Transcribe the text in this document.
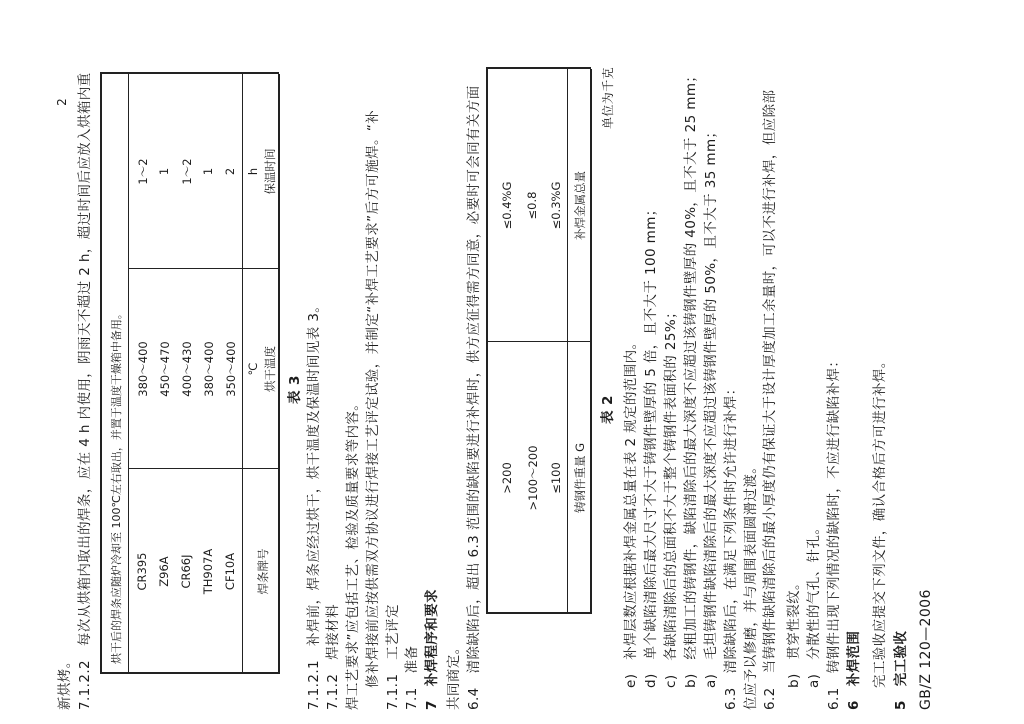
GB/Z 120—2006
5　完工验收
完工验收应提交下列文件，确认合格后方可进行补焊。
6　补焊范围
6.1　铸钢件出现下列情况的缺陷时，不应进行缺陷补焊：
a)　分散性的气孔、针孔。
b)　贯穿性裂纹。
6.2　当铸钢件缺陷清除后的最小厚度仍有保证大于设计厚度加工余量时，可以不进行补焊，但应除部
位应予以修磨，并与周围表面圆滑过渡。
6.3　清除缺陷后，在满足下列条件时允许进行补焊：
a)　毛坦铸钢件缺陷清除后的最大深度不应超过该铸钢件壁厚的 50%，且不大于 35 mm；
b)　经粗加工的铸钢件，缺陷清除后的最大深度不应超过该铸钢件壁厚的 40%，且不大于 25 mm；
c)　各缺陷清除后的总面积不大于整个铸钢件表面积的 25%；
d)　单个缺陷清除后最大尺寸不大于铸钢件壁厚的 5 倍，且不大于 100 mm；
e)　补焊层数应根据补焊金属总量在表 2 规定的范围内。
表 2
单位为千克
铸钢件重量 G
补焊金属总量
≤100
≤0.3%G
>100～200
≤0.8
>200
≤0.4%G
6.4　清除缺陷后，超出 6.3 范围的缺陷要进行补焊时，供方应征得需方同意，必要时可会同有关方面
共同商定。
7　补焊程序和要求
7.1　准备
7.1.1　工艺评定
修补焊接前应按供需双方协议进行焊接工艺评定试验，并制定“补焊工艺要求”后方可施焊。“补
焊工艺要求”应包括工艺、检验及质量要求等内容。
7.1.2　焊接材料
7.1.2.1　补焊前，焊条应经过烘干，烘干温度及保温时间见表 3。
表 3
焊条牌号
烘干温度
℃
保温时间
h
CF10A
350～400
2
TH907A
380～400
1
CR66J
400～430
1～2
Z96A
450～470
1
CR395
380～400
1～2
烘干后的焊条应随炉冷却至 100℃左右取出，并置于温度干燥箱中备用。
7.1.2.2　每次从烘箱内取出的焊条，应在 4 h 内使用，阴雨天不超过 2 h，超过时间后应放入烘箱内重
新烘烤。
2
